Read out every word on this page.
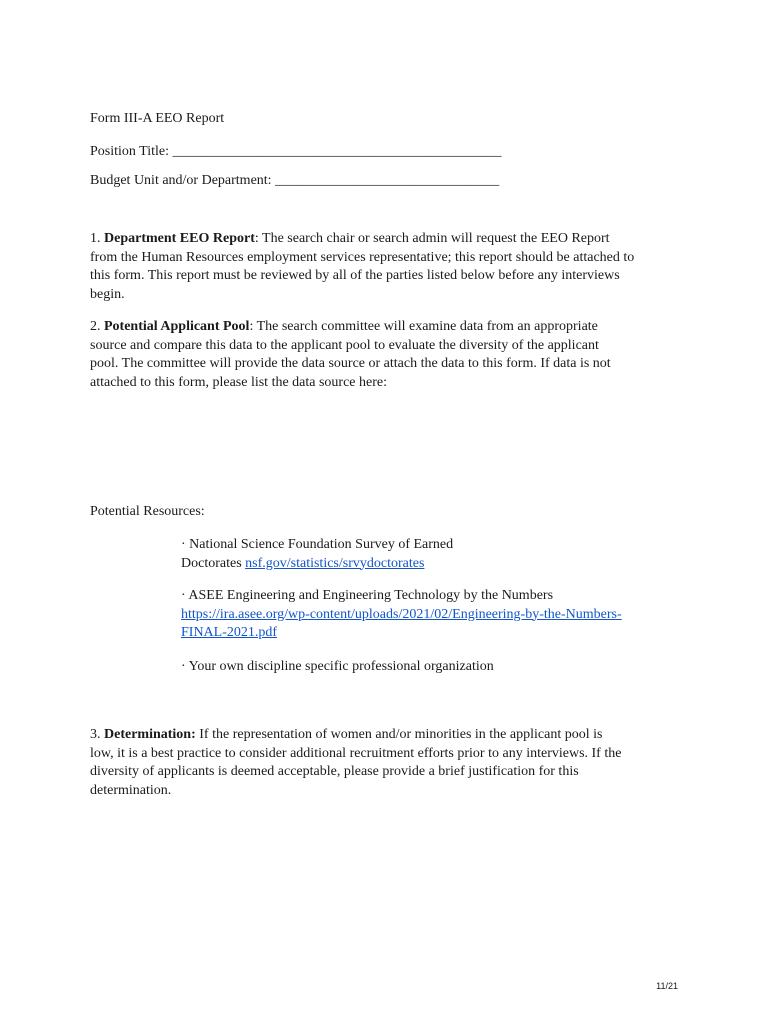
Form III-A EEO Report
Position Title: _______________________________________________
Budget Unit and/or Department: ________________________________
1. Department EEO Report: The search chair or search admin will request the EEO Report
from the Human Resources employment services representative; this report should be attached to
this form. This report must be reviewed by all of the parties listed below before any interviews
begin.
2. Potential Applicant Pool: The search committee will examine data from an appropriate
source and compare this data to the applicant pool to evaluate the diversity of the applicant
pool. The committee will provide the data source or attach the data to this form. If data is not
attached to this form, please list the data source here:
Potential Resources:
· National Science Foundation Survey of Earned
Doctorates nsf.gov/statistics/srvydoctorates
· ASEE Engineering and Engineering Technology by the Numbers
https://ira.asee.org/wp-content/uploads/2021/02/Engineering-by-the-Numbers-
FINAL-2021.pdf
· Your own discipline specific professional organization
3. Determination: If the representation of women and/or minorities in the applicant pool is
low, it is a best practice to consider additional recruitment efforts prior to any interviews. If the
diversity of applicants is deemed acceptable, please provide a brief justification for this
determination.
11/21
